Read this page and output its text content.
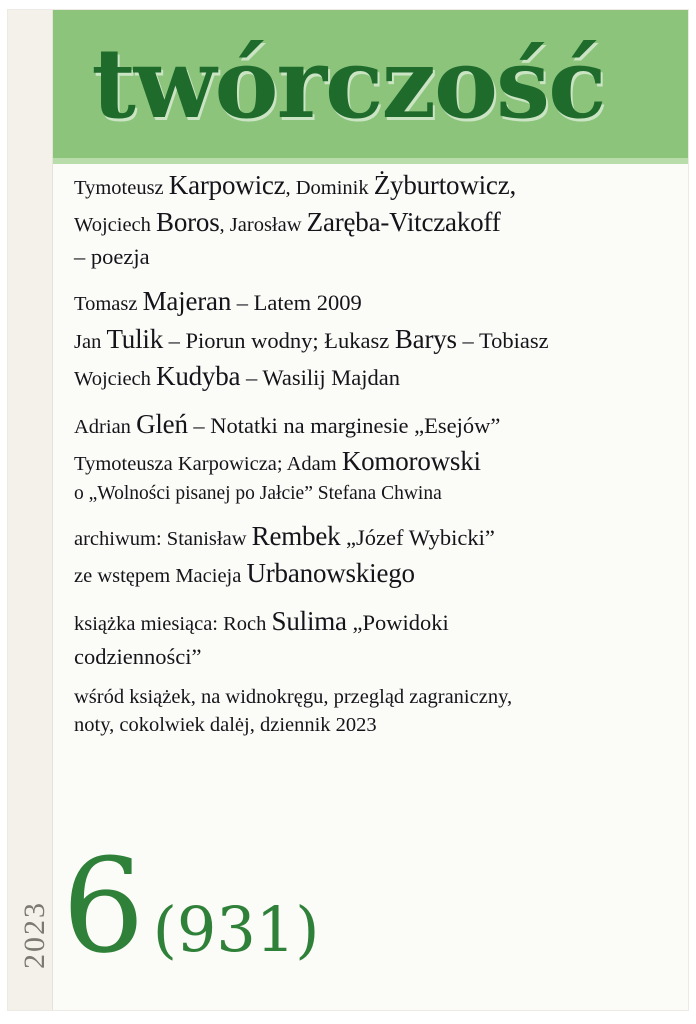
2023
twórczość
Tymoteusz Karpowicz, Dominik Żyburtowicz,
Wojciech Boros, Jarosław Zaręba-Vitczakoff
– poezja
Tomasz Majeran – Latem 2009
Jan Tulik – Piorun wodny; Łukasz Barys – Tobiasz
Wojciech Kudyba – Wasilij Majdan
Adrian Gleń – Notatki na marginesie „Esejów”
Tymoteusza Karpowicza; Adam Komorowski
o „Wolności pisanej po Jałcie” Stefana Chwina
archiwum: Stanisław Rembek „Józef Wybicki”
ze wstępem Macieja Urbanowskiego
książka miesiąca: Roch Sulima „Powidoki
codzienności”
wśród książek, na widnokręgu, przegląd zagraniczny,
noty, cokolwiek dalėj, dziennik 2023
6 (931)
